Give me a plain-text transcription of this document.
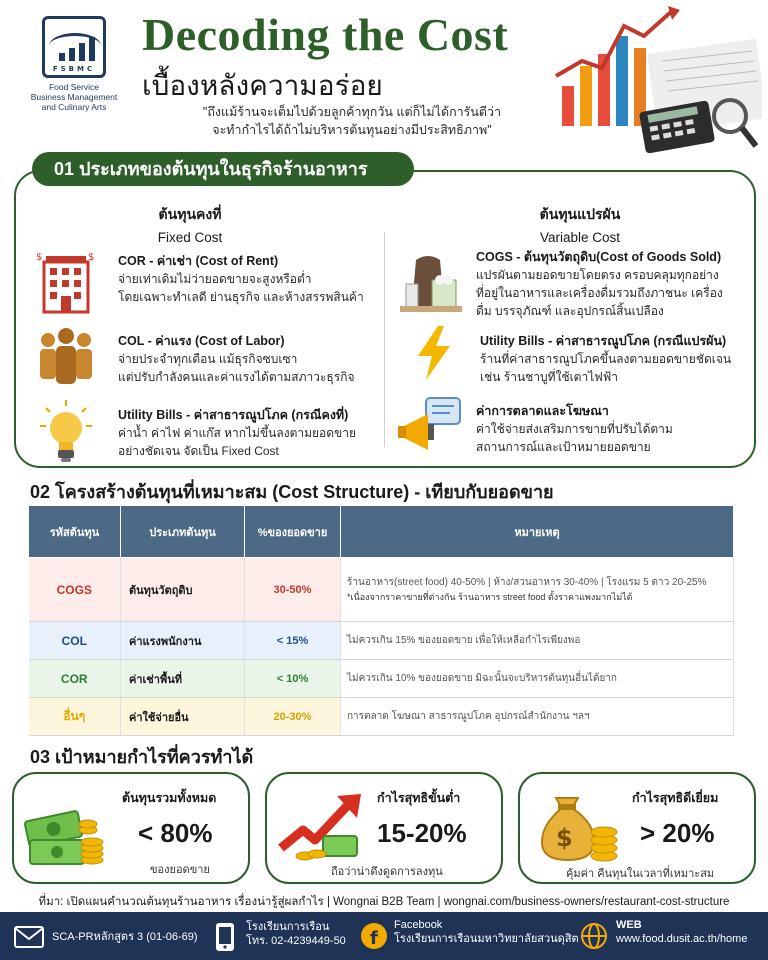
FSBMC
Food Service
Business Management
and Culinary Arts
Decoding the Cost
เบื้องหลังความอร่อย
"ถึงแม้ร้านจะเต็มไปด้วยลูกค้าทุกวัน แต่ก็ไม่ได้การันตีว่า
จะทำกำไรได้ถ้าไม่บริหารต้นทุนอย่างมีประสิทธิภาพ"
01 ประเภทของต้นทุนในธุรกิจร้านอาหาร
ต้นทุนคงที่
Fixed Cost
ต้นทุนแปรผัน
Variable Cost
$	$ COR - ค่าเช่า (Cost of Rent)
จ่ายเท่าเดิมไม่ว่ายอดขายจะสูงหรือต่ำ
โดยเฉพาะทำเลดี ย่านธุรกิจ และห้างสรรพสินค้า
COL - ค่าแรง (Cost of Labor)
จ่ายประจำทุกเดือน แม้ธุรกิจซบเซา
แต่ปรับกำลังคนและค่าแรงได้ตามสภาวะธุรกิจ
Utility Bills - ค่าสาธารณูปโภค (กรณีคงที่)
ค่าน้ำ ค่าไฟ ค่าแก๊ส หากไม่ขึ้นลงตามยอดขาย
อย่างชัดเจน จัดเป็น Fixed Cost
COGS - ต้นทุนวัตถุดิบ(Cost of Goods Sold)
แปรผันตามยอดขายโดยตรง ครอบคลุมทุกอย่าง
ที่อยู่ในอาหารและเครื่องดื่มรวมถึงภาชนะ เครื่อง
ดื่ม บรรจุภัณฑ์ และอุปกรณ์สิ้นเปลือง
Utility Bills - ค่าสาธารณูปโภค (กรณีแปรผัน)
ร้านที่ค่าสาธารณูปโภคขึ้นลงตามยอดขายชัดเจน
เช่น ร้านชาบูที่ใช้เตาไฟฟ้า
ค่าการตลาดและโฆษณา
ค่าใช้จ่ายส่งเสริมการขายที่ปรับได้ตาม
สถานการณ์และเป้าหมายยอดขาย
02 โครงสร้างต้นทุนที่เหมาะสม (Cost Structure) - เทียบกับยอดขาย
รหัสต้นทุน	ประเภทต้นทุน	%ของยอดขาย	หมายเหตุ
COGS	ต้นทุนวัตถุดิบ	30-50%	ร้านอาหาร(street food) 40-50% | ห้าง/สวนอาหาร 30-40% | โรงแรม 5 ดาว 20-25%
*เนื่องจากราคาขายที่ต่างกัน ร้านอาหาร street food ตั้งราคาแพงมากไม่ได้

COL	ค่าแรงพนักงาน	< 15%	ไม่ควรเกิน 15% ของยอดขาย เพื่อให้เหลือกำไรเพียงพอ
COR	ค่าเช่าพื้นที่	< 10%	ไม่ควรเกิน 10% ของยอดขาย มิฉะนั้นจะบริหารต้นทุนอื่นได้ยาก
อื่นๆ	ค่าใช้จ่ายอื่น	20-30%	การตลาด โฆษณา สาธารณูปโภค อุปกรณ์สำนักงาน ฯลฯ
03 เป้าหมายกำไรที่ควรทำได้
ต้นทุนรวมทั้งหมด
< 80%
ของยอดขาย
กำไรสุทธิขั้นต่ำ
15-20%
ถือว่าน่าดึงดูดการลงทุน
$
กำไรสุทธิดีเยี่ยม
> 20%
คุ้มค่า คืนทุนในเวลาที่เหมาะสม
ที่มา: เปิดแผนคำนวณต้นทุนร้านอาหาร เรื่องน่ารู้สู่ผลกำไร | Wongnai B2B Team | wongnai.com/business-owners/restaurant-cost-structure
SCA-PRหลักสูตร 3 (01-06-69)
โรงเรียนการเรือน
โทร. 02-4239449-50 f
Facebook
โรงเรียนการเรือนมหาวิทยาลัยสวนดุสิต
WEB
www.food.dusit.ac.th/home
